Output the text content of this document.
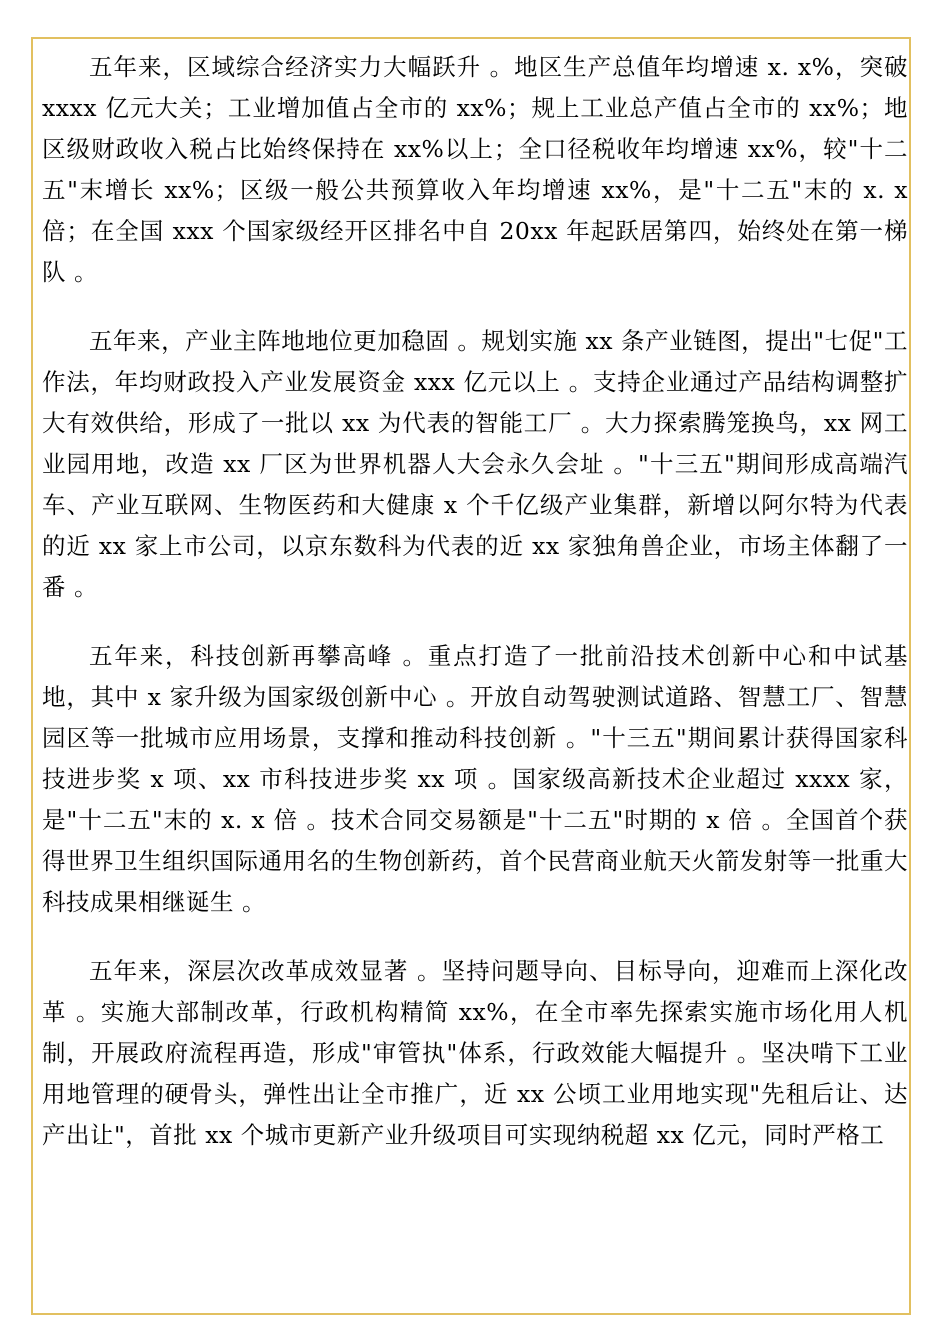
五年来，区域综合经济实力大幅跃升 。地区生产总值年均增速 x. x%，突破 xxxx 亿元大关；工业增加值占全市的 xx%；规上工业总产值占全市的 xx%；地区级财政收入税占比始终保持在 xx%以上；全口径税收年均增速 xx%，较"十二五"末增长 xx%；区级一般公共预算收入年均增速 xx%，是"十二五"末的 x. x 倍；在全国 xxx 个国家级经开区排名中自 20xx 年起跃居第四，始终处在第一梯队 。

五年来，产业主阵地地位更加稳固 。规划实施 xx 条产业链图，提出"七促"工作法，年均财政投入产业发展资金 xxx 亿元以上 。支持企业通过产品结构调整扩大有效供给，形成了一批以 xx 为代表的智能工厂 。大力探索腾笼换鸟，xx 网工业园用地，改造 xx 厂区为世界机器人大会永久会址 。"十三五"期间形成高端汽车、产业互联网、生物医药和大健康 x 个千亿级产业集群，新增以阿尔特为代表的近 xx 家上市公司，以京东数科为代表的近 xx 家独角兽企业，市场主体翻了一番 。

五年来，科技创新再攀高峰 。重点打造了一批前沿技术创新中心和中试基地，其中 x 家升级为国家级创新中心 。开放自动驾驶测试道路、智慧工厂、智慧园区等一批城市应用场景，支撑和推动科技创新 。"十三五"期间累计获得国家科技进步奖 x 项、xx 市科技进步奖 xx 项 。国家级高新技术企业超过 xxxx 家，是"十二五"末的 x. x 倍 。技术合同交易额是"十二五"时期的 x 倍 。全国首个获得世界卫生组织国际通用名的生物创新药，首个民营商业航天火箭发射等一批重大科技成果相继诞生 。

五年来，深层次改革成效显著 。坚持问题导向、目标导向，迎难而上深化改革 。实施大部制改革，行政机构精简 xx%，在全市率先探索实施市场化用人机制，开展政府流程再造，形成"审管执"体系，行政效能大幅提升 。坚决啃下工业用地管理的硬骨头，弹性出让全市推广，近 xx 公顷工业用地实现"先租后让、达产出让"，首批 xx 个城市更新产业升级项目可实现纳税超 xx 亿元，同时严格工
